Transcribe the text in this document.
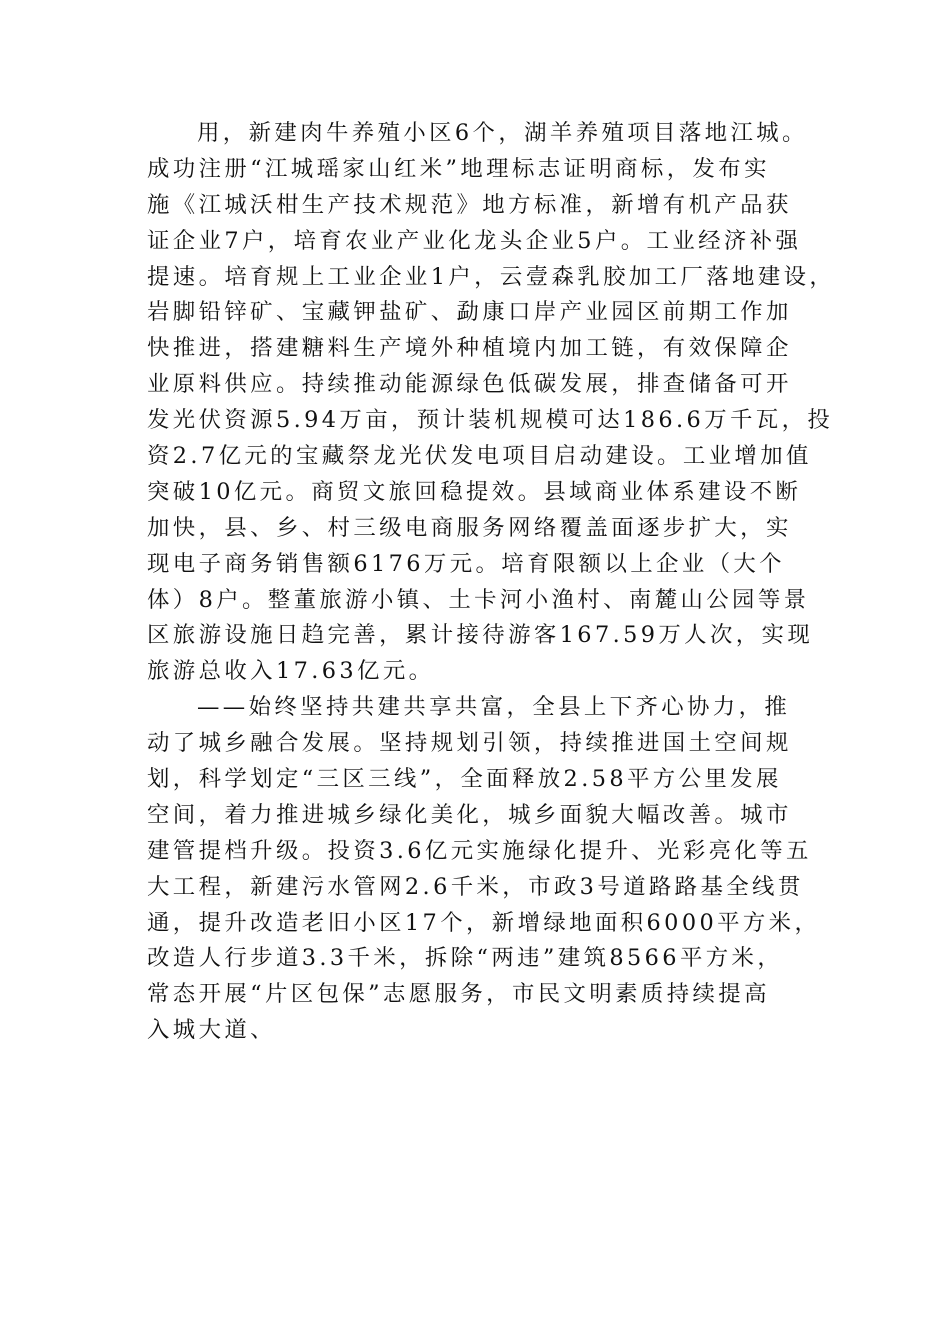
用，新建肉牛养殖小区6个，湖羊养殖项目落地江城。
成功注册“江城瑶家山红米”地理标志证明商标，发布实
施《江城沃柑生产技术规范》地方标准，新增有机产品获
证企业7户，培育农业产业化龙头企业5户。工业经济补强
提速。培育规上工业企业1户，云壹森乳胶加工厂落地建设，
岩脚铅锌矿、宝藏钾盐矿、勐康口岸产业园区前期工作加
快推进，搭建糖料生产境外种植境内加工链，有效保障企
业原料供应。持续推动能源绿色低碳发展，排查储备可开
发光伏资源5.94万亩，预计装机规模可达186.6万千瓦，投
资2.7亿元的宝藏祭龙光伏发电项目启动建设。工业增加值
突破10亿元。商贸文旅回稳提效。县域商业体系建设不断
加快，县、乡、村三级电商服务网络覆盖面逐步扩大，实
现电子商务销售额6176万元。培育限额以上企业（大个
体）8户。整董旅游小镇、土卡河小渔村、南麓山公园等景
区旅游设施日趋完善，累计接待游客167.59万人次，实现
旅游总收入17.63亿元。
——始终坚持共建共享共富，全县上下齐心协力，推
动了城乡融合发展。坚持规划引领，持续推进国土空间规
划，科学划定“三区三线”，全面释放2.58平方公里发展
空间，着力推进城乡绿化美化，城乡面貌大幅改善。城市
建管提档升级。投资3.6亿元实施绿化提升、光彩亮化等五
大工程，新建污水管网2.6千米，市政3号道路路基全线贯
通，提升改造老旧小区17个，新增绿地面积6000平方米，
改造人行步道3.3千米，拆除“两违”建筑8566平方米，
常态开展“片区包保”志愿服务，市民文明素质持续提高
入城大道、
